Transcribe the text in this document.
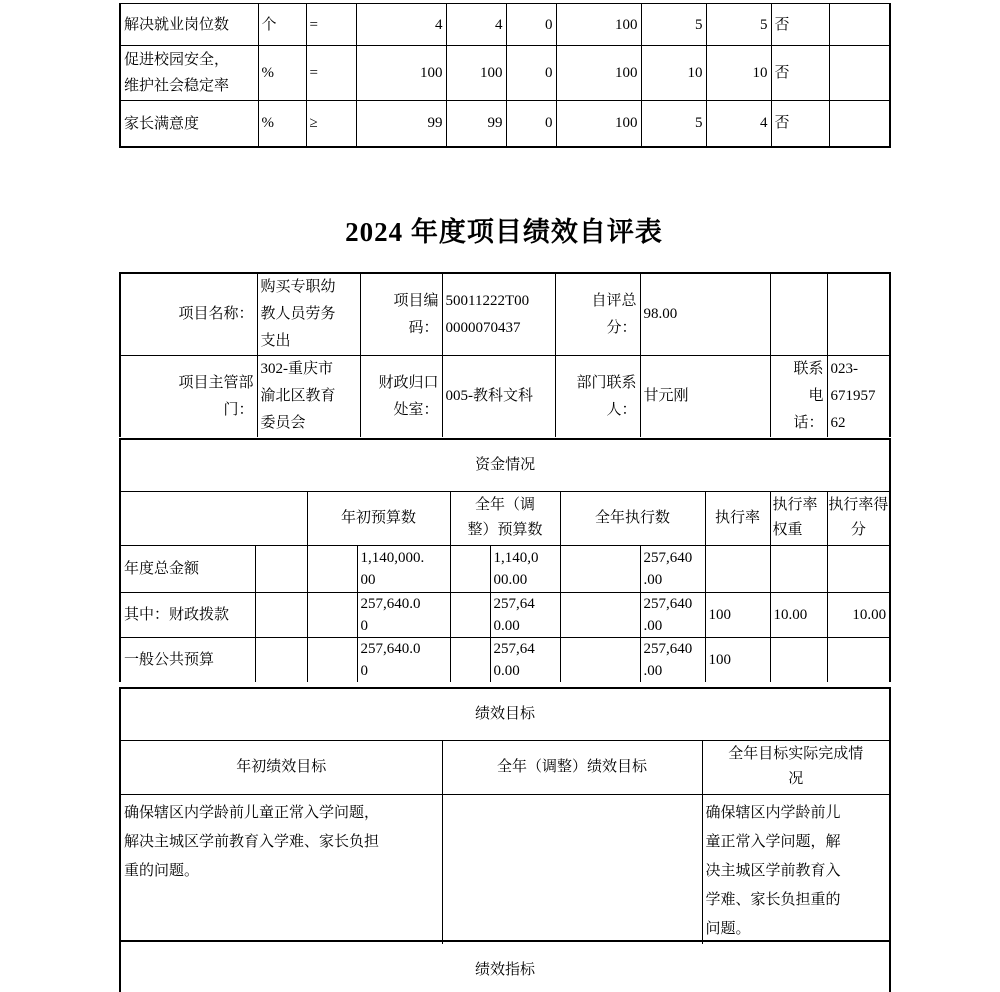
解决就业岗位数	个	=	4	4	0	100	5	5	否	
促进校园安全，维护社会稳定率	%	=	100	100	0	100	10	10	否	
家长满意度	%	≥	99	99	0	100	5	4	否	
2024 年度项目绩效自评表
项目名称：	购买专职幼教人员劳务支出	项目编码：	50011222T000000070437	自评总分：	98.00		
项目主管部门：	302-重庆市渝北区教育委员会	财政归口处室：	005-教科文科	部门联系人：	甘元刚	联系电话：	023-67195762
资金情况										
		年初预算数		全年（调整）预算数		全年执行数		执行率	执行率权重	执行率得分
年度总金额			1,140,000.00		1,140,000.00		257,640.00			
其中：财政拨款			257,640.00		257,640.00		257,640.00	100	10.00	10.00
一般公共预算			257,640.00		257,640.00		257,640.00	100		
绩效目标		
年初绩效目标	全年（调整）绩效目标	全年目标实际完成情况
确保辖区内学龄前儿童正常入学问题，解决主城区学前教育入学难、家长负担重的问题。		确保辖区内学龄前儿童正常入学问题，解决主城区学前教育入学难、家长负担重的问题。
绩效指标
